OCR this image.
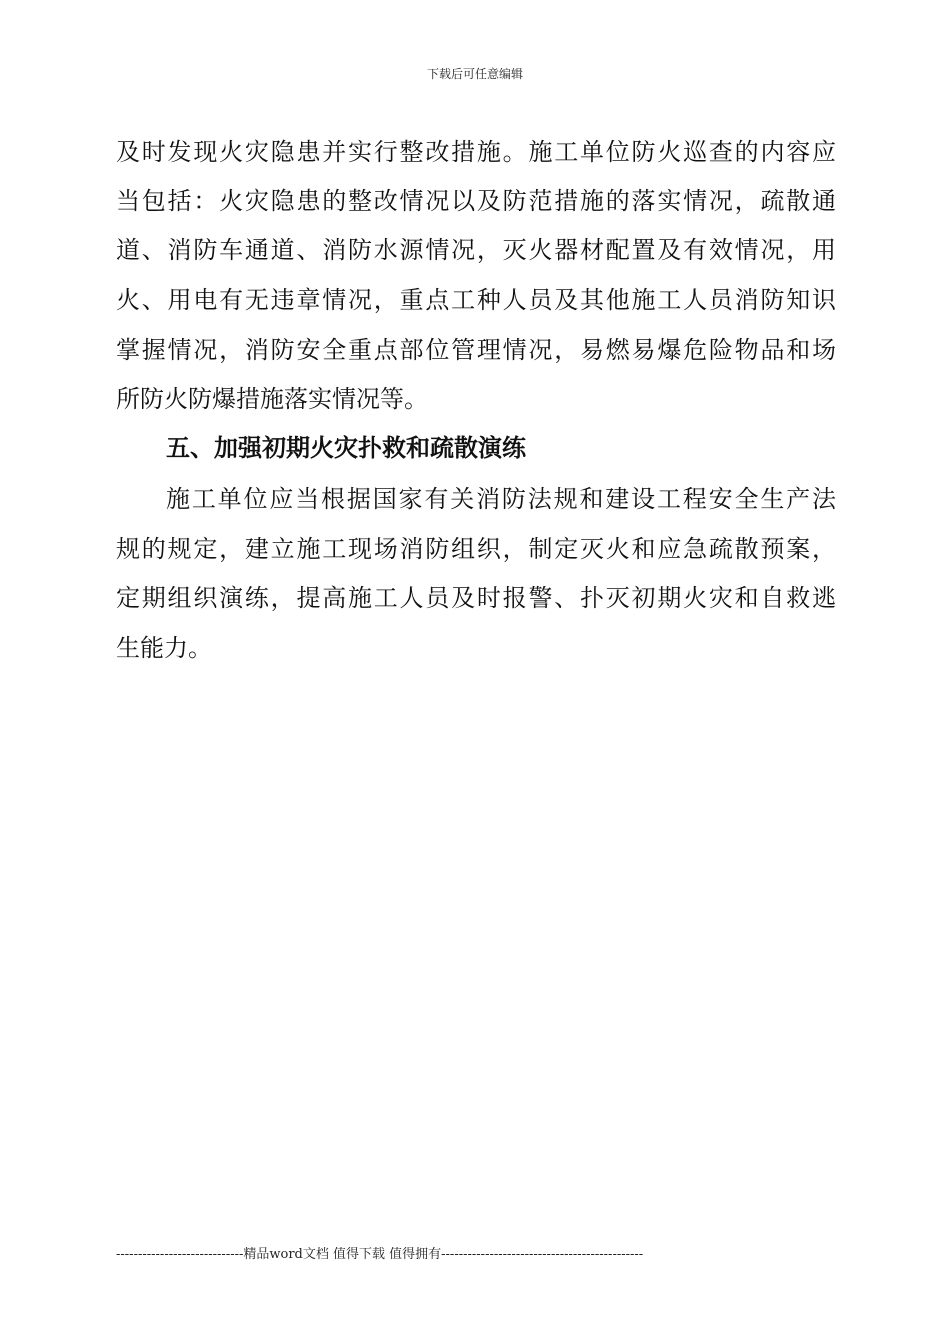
下载后可任意编辑
及时发现火灾隐患并实行整改措施。施工单位防火巡查的内容应
当包括：火灾隐患的整改情况以及防范措施的落实情况，疏散通
道、消防车通道、消防水源情况，灭火器材配置及有效情况，用
火、用电有无违章情况，重点工种人员及其他施工人员消防知识
掌握情况，消防安全重点部位管理情况，易燃易爆危险物品和场
所防火防爆措施落实情况等。
五、加强初期火灾扑救和疏散演练
施工单位应当根据国家有关消防法规和建设工程安全生产法
规的规定，建立施工现场消防组织，制定灭火和应急疏散预案，
定期组织演练，提高施工人员及时报警、扑灭初期火灾和自救逃
生能力。
-----------------------------精品word文档 值得下载 值得拥有----------------------------------------------
